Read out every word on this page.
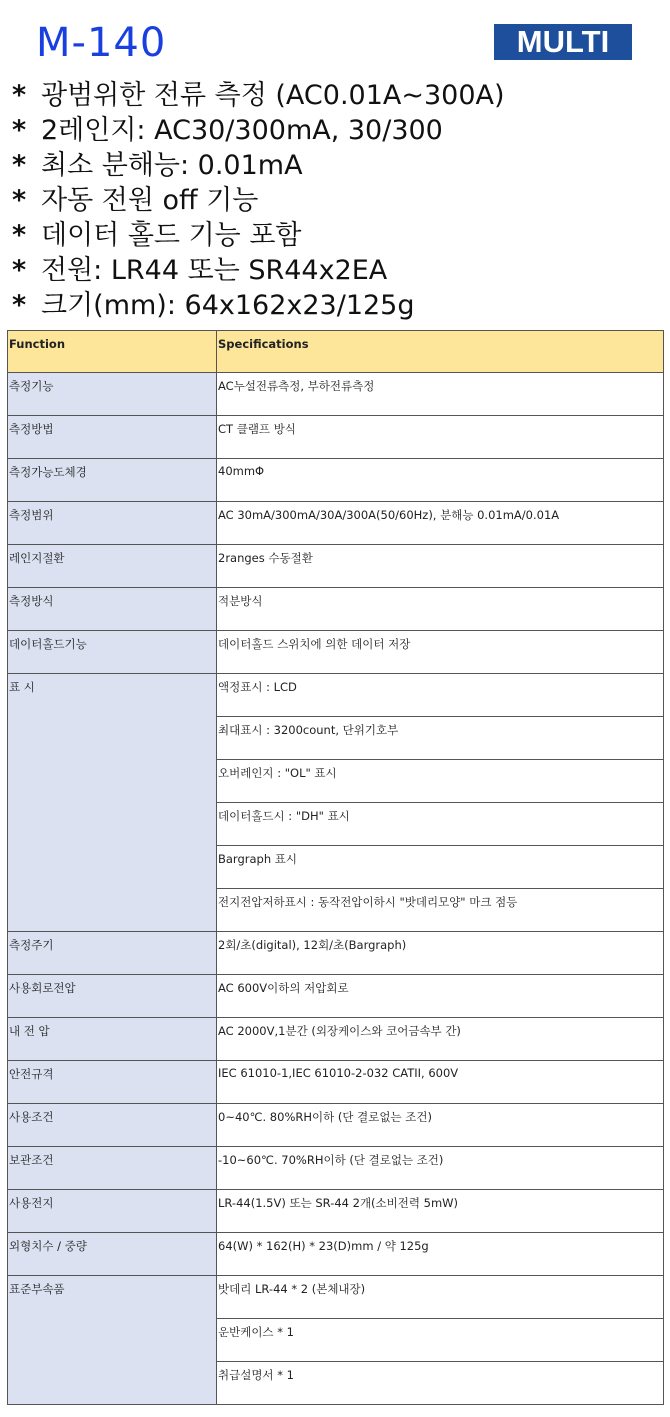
M-140	MULTI
* 광범위한 전류 측정 (AC0.01A~300A)
* 2레인지: AC30/300mA, 30/300
* 최소 분해능: 0.01mA
* 자동 전원 off 기능
* 데이터 홀드 기능 포함
* 전원: LR44 또는 SR44x2EA
* 크기(mm): 64x162x23/125g
Function	Specifications
측정기능	AC누설전류측정, 부하전류측정
측정방법	CT 클램프 방식
측정가능도체경	40mmΦ
측정범위	AC 30mA/300mA/30A/300A(50/60Hz), 분해능 0.01mA/0.01A
레인지절환	2ranges 수동절환
측정방식	적분방식
데이터홀드기능	데이터홀드 스위치에 의한 데이터 저장
표 시	액정표시 : LCD
	최대표시 : 3200count, 단위기호부
	오버레인지 : "OL" 표시
	데이터홀드시 : "DH" 표시
	Bargraph 표시
	전지전압저하표시 : 동작전압이하시 "밧데리모양" 마크 점등
측정주기	2회/초(digital), 12회/초(Bargraph)
사용회로전압	AC 600V이하의 저압회로
내 전 압	AC 2000V,1분간 (외장케이스와 코어금속부 간)
안전규격	IEC 61010-1,IEC 61010-2-032 CATII, 600V
사용조건	0~40℃. 80%RH이하 (단 결로없는 조건)
보관조건	-10~60℃. 70%RH이하 (단 결로없는 조건)
사용전지	LR-44(1.5V) 또는 SR-44 2개(소비전력 5mW)
외형치수 / 중량	64(W) * 162(H) * 23(D)mm / 약 125g
표준부속품	밧데리 LR-44 * 2 (본체내장)
	운반케이스 * 1
	취급설명서 * 1
